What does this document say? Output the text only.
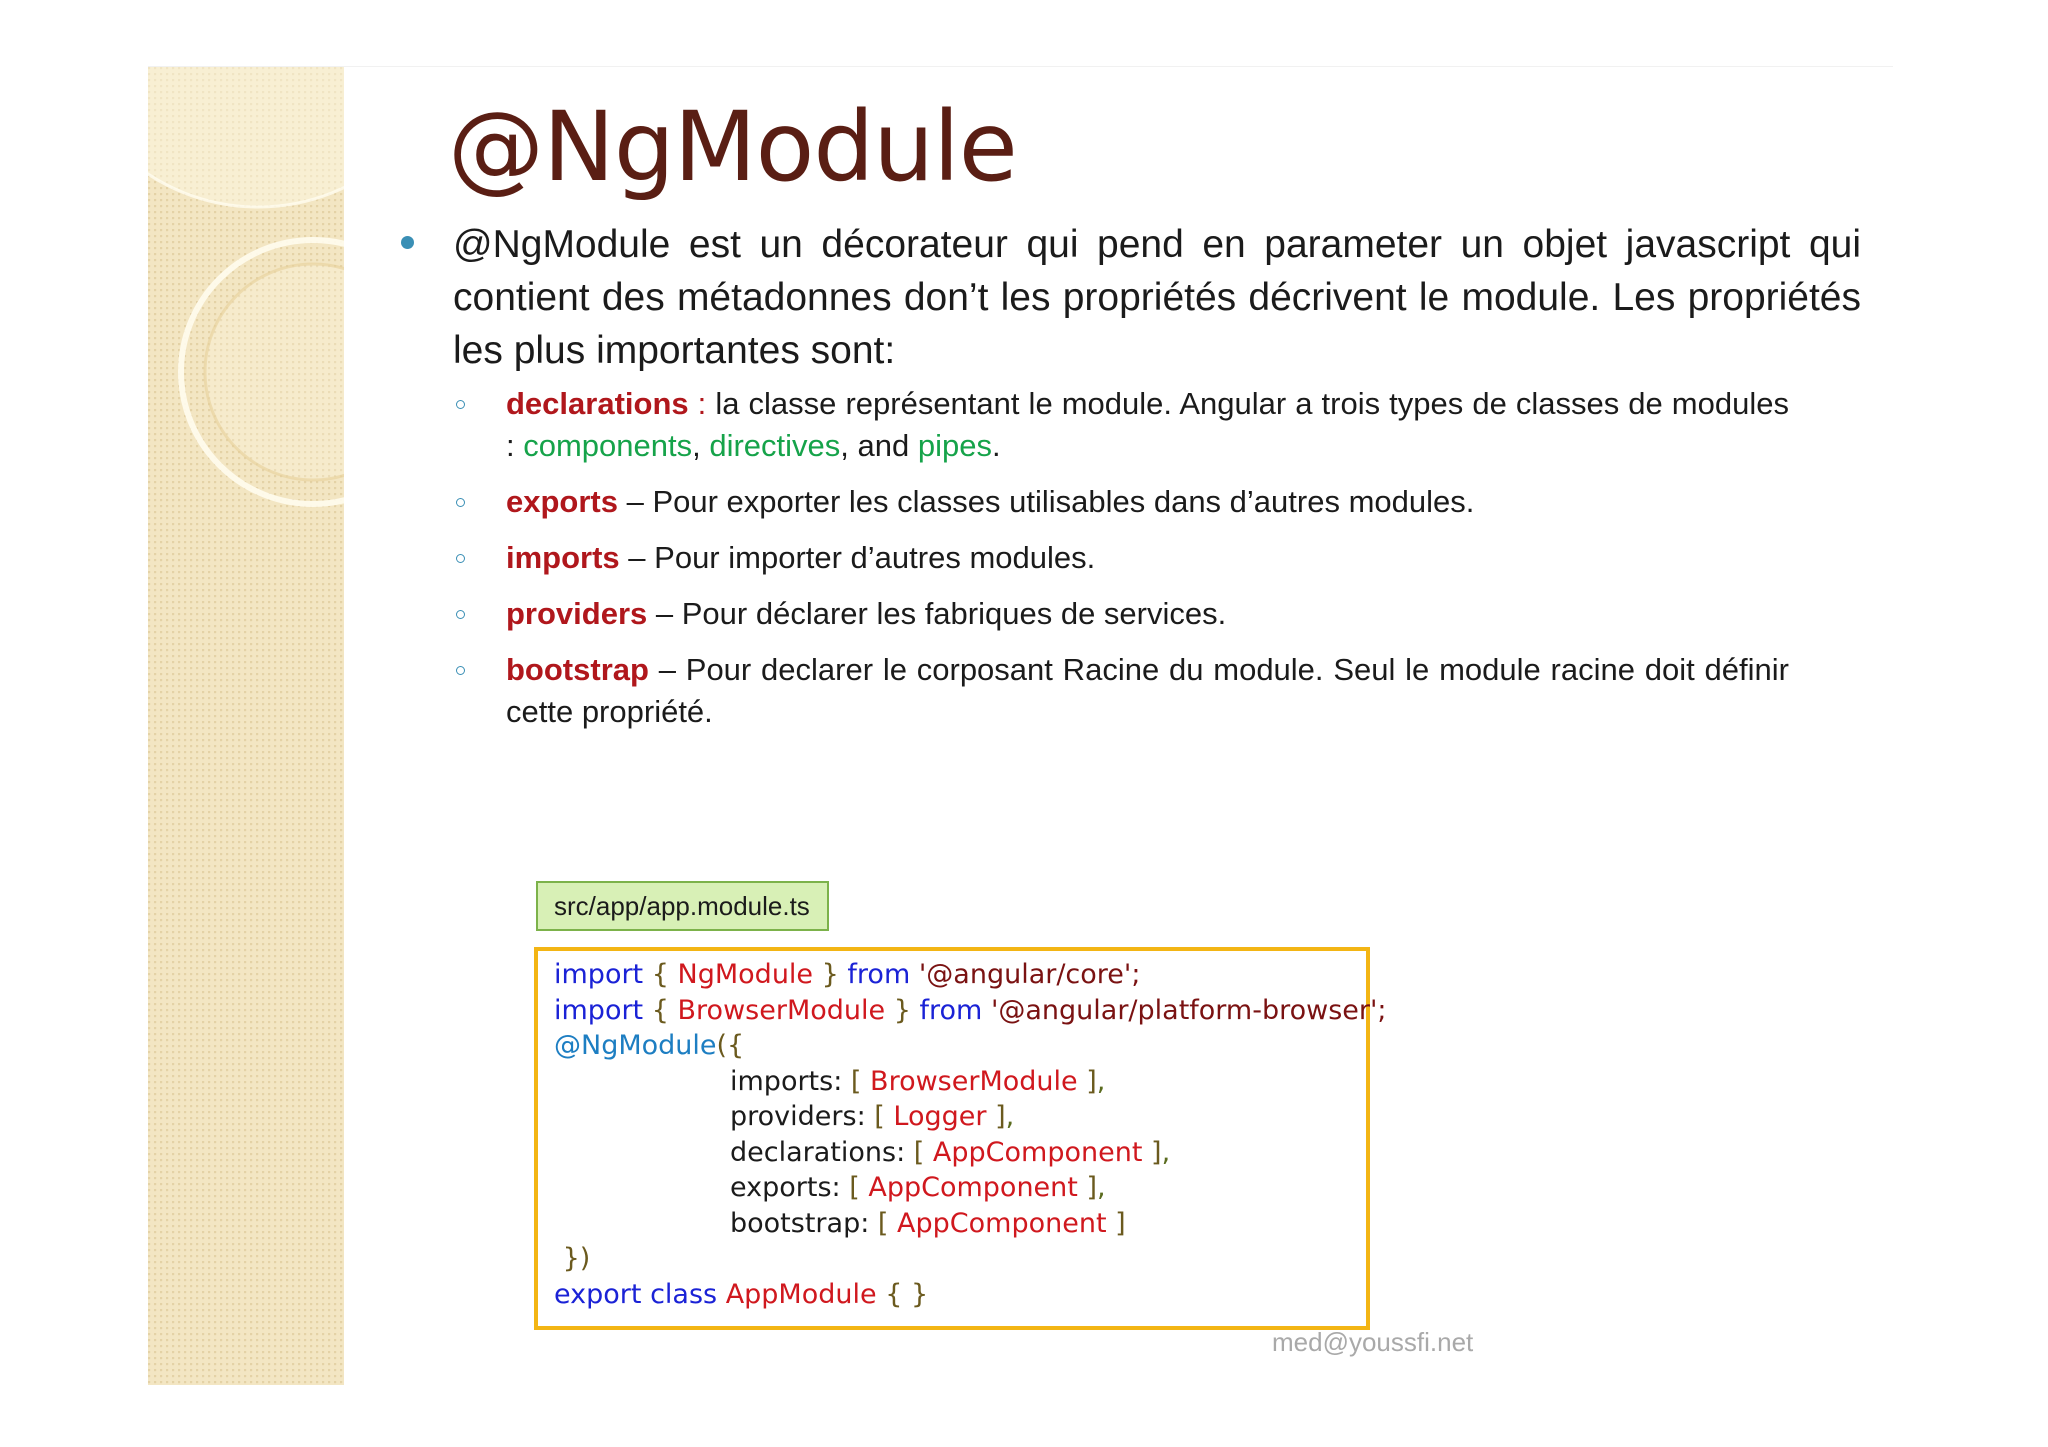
@NgModule

@NgModule est un décorateur qui pend en parameter un objet javascript qui contient des métadonnes don’t les propriétés décrivent le module. Les propriétés les plus importantes sont:

declarations : la classe représentant le module. Angular a trois types de classes de modules : components, directives, and pipes.
exports – Pour exporter les classes utilisables dans d’autres modules.
imports – Pour importer d’autres modules.
providers – Pour déclarer les fabriques de services.
bootstrap – Pour declarer le corposant Racine du module. Seul le module racine doit définir cette propriété.
src/app/app.module.ts
import { NgModule } from '@angular/core';
import { BrowserModule } from '@angular/platform-browser';
@NgModule({
imports: [ BrowserModule ],
providers: [ Logger ],
declarations: [ AppComponent ],
exports: [ AppComponent ],
bootstrap: [ AppComponent ]
})
export class AppModule { }
med@youssfi.net
